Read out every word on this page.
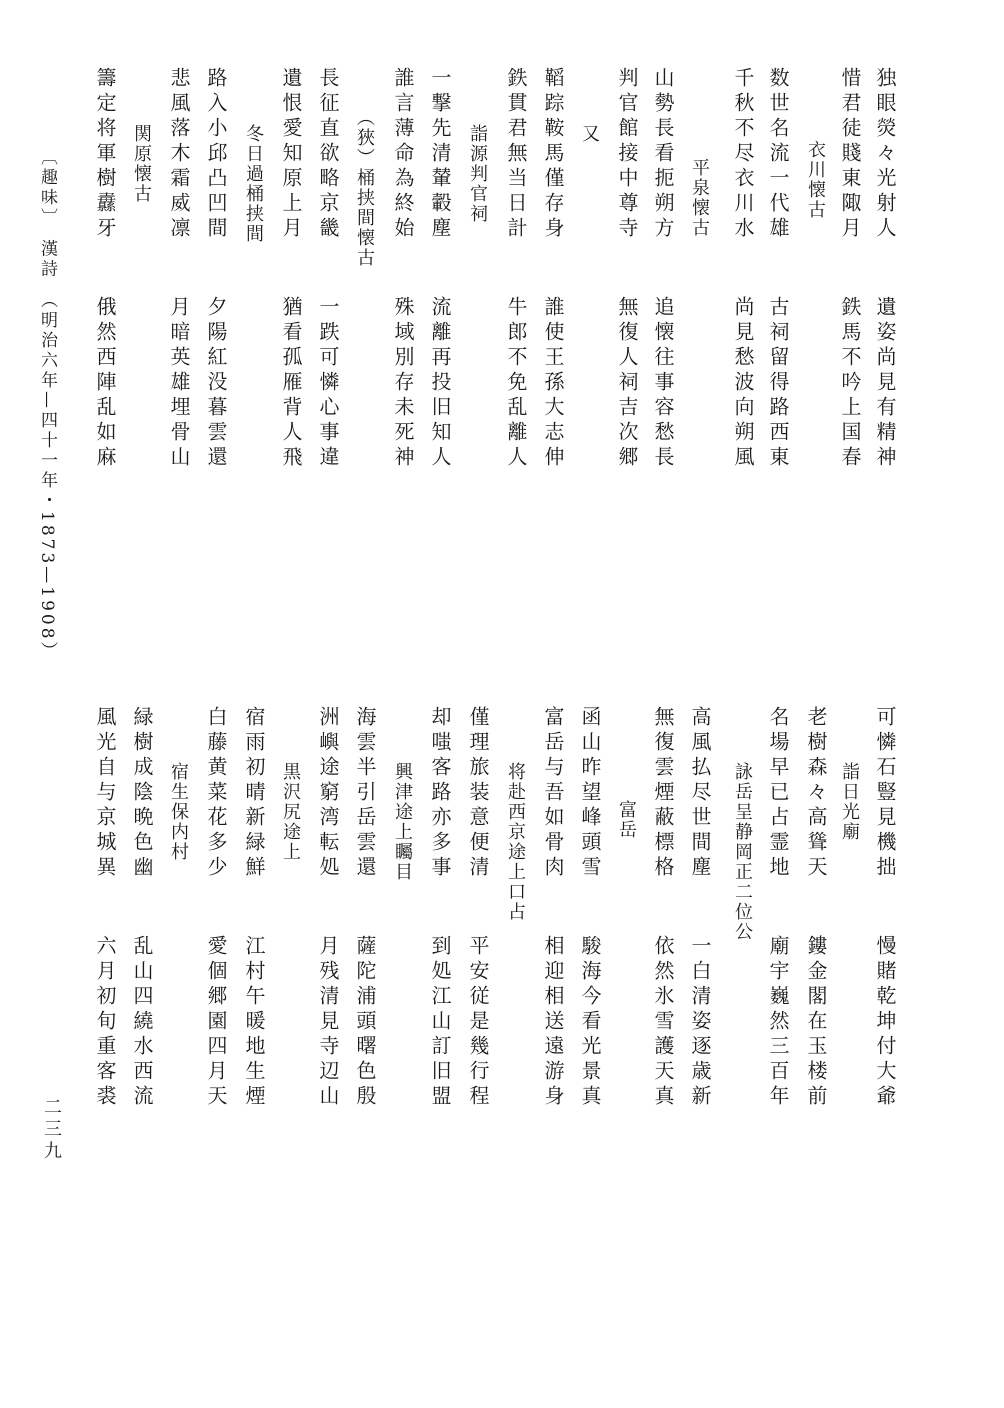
独眼熒々光射人
遺姿尚見有精神
惜君徒賤東陬月
鉄馬不吟上国春
衣川懐古
数世名流一代雄
古祠留得路西東
千秋不尽衣川水
尚見愁波向朔風
平泉懐古
山勢長看扼朔方
追懐往事容愁長
判官館接中尊寺
無復人祠吉次郷
又
鞱踪鞍馬僅存身
誰使王孫大志伸
鉄貫君無当日計
牛郎不免乱離人
詣源判官祠
一撃先清輦轂塵
流離再投旧知人
誰言薄命為終始
殊域別存未死神
（狹）桶挟間懐古
長征直欲略京畿
一跌可憐心事違
遺恨愛知原上月
猶看孤雁背人飛
冬日過桶挟間
路入小邱凸凹間
夕陽紅没暮雲還
悲風落木霜威凛
月暗英雄埋骨山
関原懐古
籌定将軍樹纛牙
俄然西陣乱如麻
可憐石豎見機拙
慢賭乾坤付大爺
詣日光廟
老樹森々高聳天
鏤金閣在玉楼前
名場早已占霊地
廟宇巍然三百年
詠岳呈静岡正二位公
高風払尽世間塵
一白清姿逐歳新
無復雲煙蔽標格
依然氷雪護天真
富岳
函山昨望峰頭雪
駿海今看光景真
富岳与吾如骨肉
相迎相送遠游身
将赴西京途上口占
僅理旅装意便清
平安従是幾行程
却嗤客路亦多事
到処江山訂旧盟
興津途上矚目
海雲半引岳雲還
薩陀浦頭曙色殷
洲嶼途窮湾転処
月残清見寺辺山
黒沢尻途上
宿雨初晴新緑鮮
江村午暖地生煙
白藤黄菜花多少
愛個郷園四月天
宿生保内村
緑樹成陰晩色幽
乱山四繞水西流
風光自与京城異
六月初旬重客裘
〔趣味〕　漢詩　（明治六年—四十一年・1873—1908）
二三九
